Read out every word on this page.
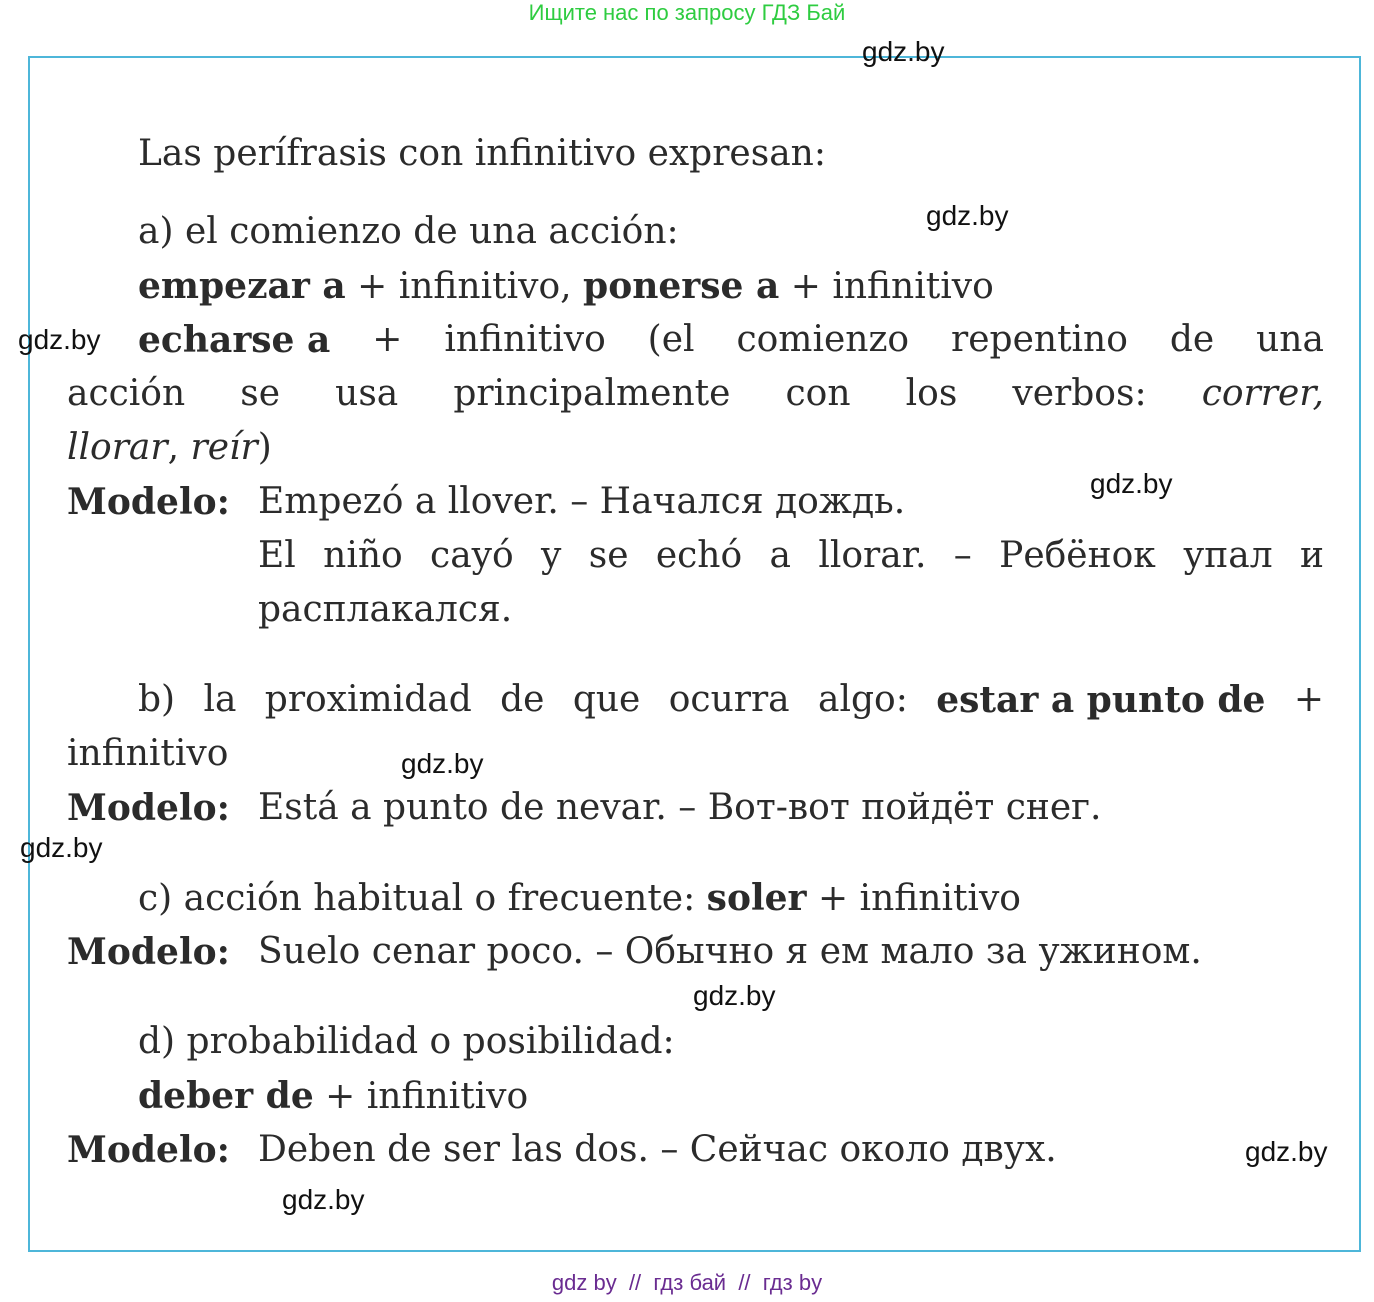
Ищите нас по запросу ГДЗ Бай
gdz.by
gdz.by
gdz.by
gdz.by
gdz.by
gdz.by
gdz.by
gdz.by
gdz.by
Las perífrasis con infinitivo expresan:
a) el comienzo de una acción:
empezar a + infinitivo, ponerse a + infinitivo
echarse a + infinitivo (el comienzo repentino de una
acción se usa principalmente con los verbos: correr,
llorar, reír)
Modelo: Empezó a llover. – Начался дождь.
El niño cayó y se echó a llorar. – Ребёнок упал и
расплакался.
b) la proximidad de que ocurra algo: estar a punto de +
infinitivo
Modelo: Está a punto de nevar. – Вот-вот пойдёт снег.
c) acción habitual o frecuente: soler + infinitivo
Modelo: Suelo cenar poco. – Обычно я ем мало за ужином.
d) probabilidad o posibilidad:
deber de + infinitivo
Modelo: Deben de ser las dos. – Сейчас около двух.
gdz by  //  гдз бай  //  гдз by
